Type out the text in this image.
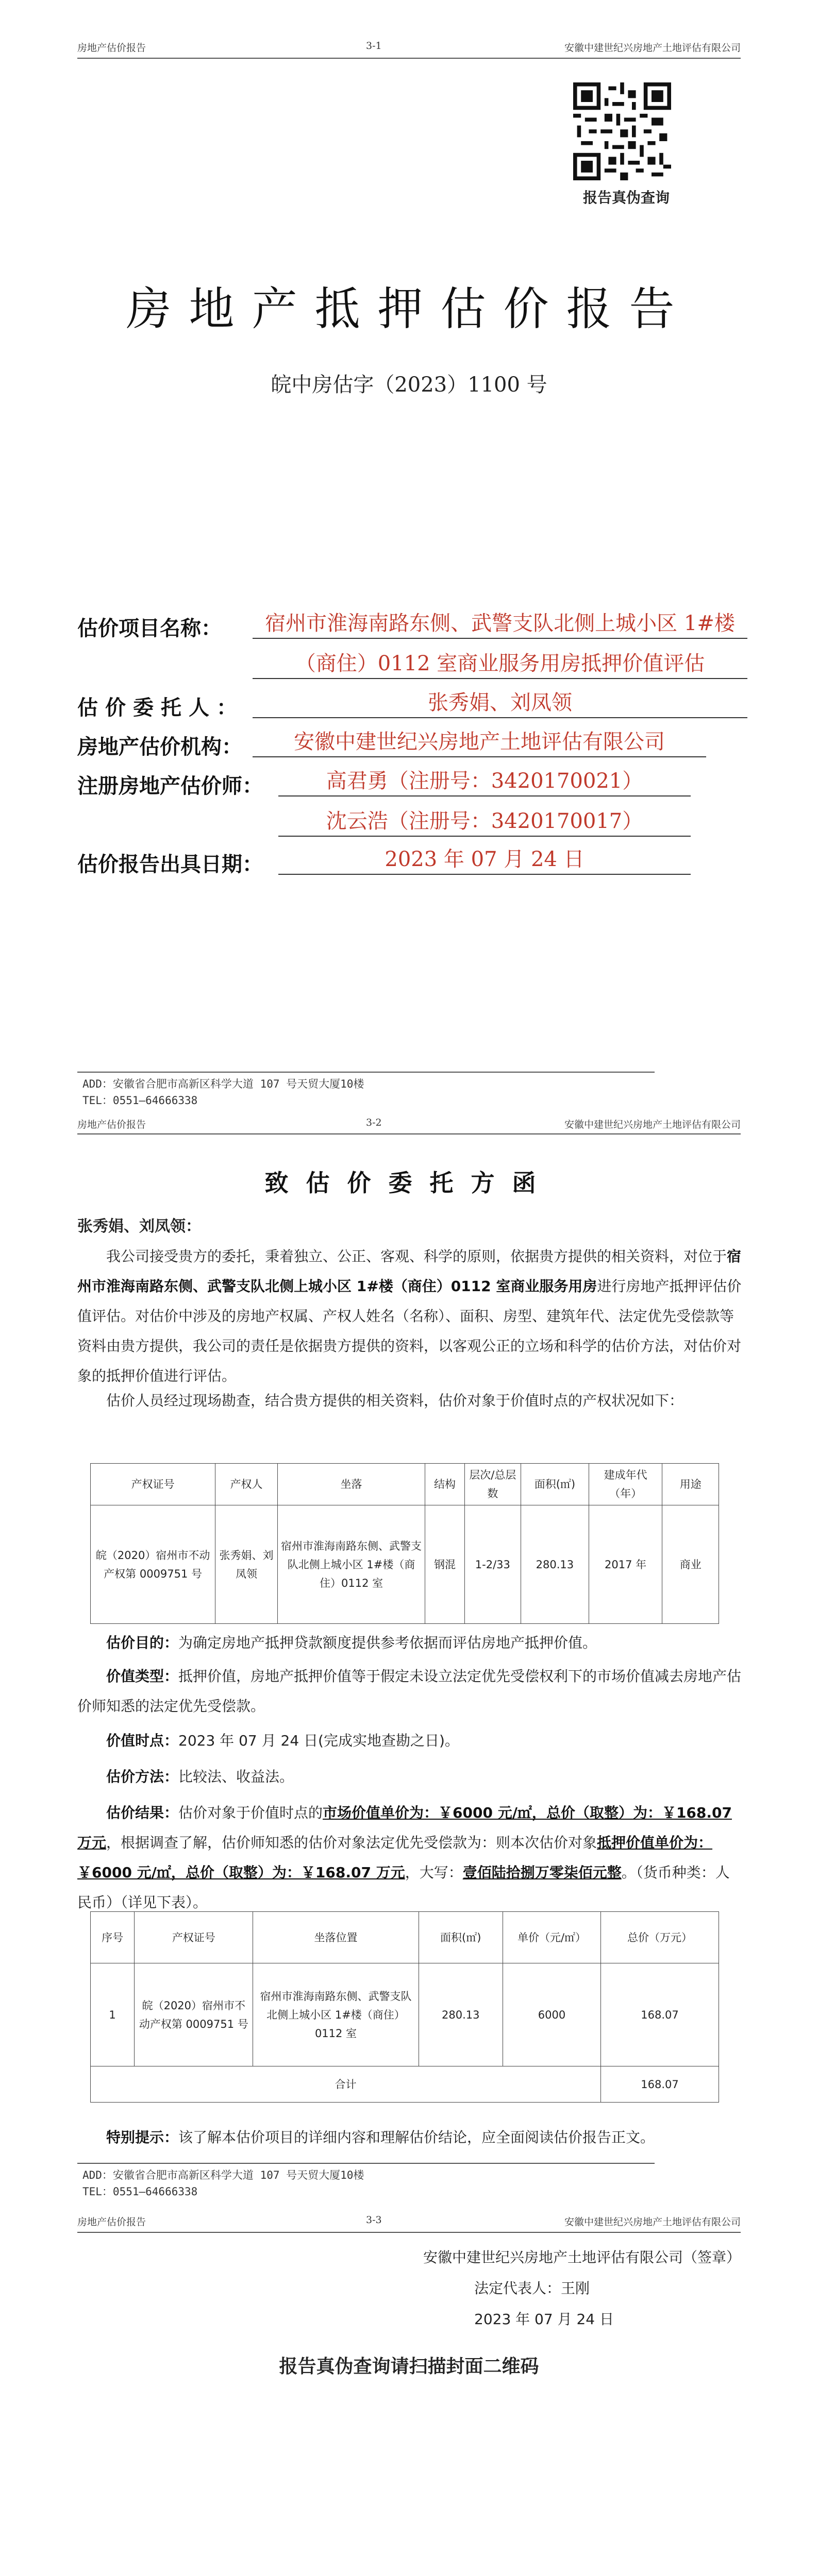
房地产估价报告	3-1	安徽中建世纪兴房地产土地评估有限公司
报告真伪查询
房地产抵押估价报告
皖中房估字（2023）1100 号
估价项目名称：	宿州市淮海南路东侧、武警支队北侧上城小区 1#楼
（商住）0112 室商业服务用房抵押价值评估
估价委托人：	张秀娟、刘凤领
房地产估价机构：	安徽中建世纪兴房地产土地评估有限公司
注册房地产估价师：	高君勇（注册号：3420170021）
沈云浩（注册号：3420170017）
估价报告出具日期：	2023 年 07 月 24 日
ADD：安徽省合肥市高新区科学大道 107 号天贸大厦10楼
TEL：0551—64666338
房地产估价报告	3-2	安徽中建世纪兴房地产土地评估有限公司
致估价委托方函
张秀娟、刘凤领：
我公司接受贵方的委托，秉着独立、公正、客观、科学的原则，依据贵方提供的相关资料，对位于宿州市淮海南路东侧、武警支队北侧上城小区 1#楼（商住）0112 室商业服务用房进行房地产抵押评估价值评估。对估价中涉及的房地产权属、产权人姓名（名称）、面积、房型、建筑年代、法定优先受偿款等资料由贵方提供，我公司的责任是依据贵方提供的资料，以客观公正的立场和科学的估价方法，对估价对象的抵押价值进行评估。
估价人员经过现场勘查，结合贵方提供的相关资料，估价对象于价值时点的产权状况如下：
产权证号	产权人	坐落	结构	层次/总层数	面积(㎡)	建成年代（年）	用途
皖（2020）宿州市不动产权第 0009751 号	张秀娟、刘凤领	宿州市淮海南路东侧、武警支队北侧上城小区 1#楼（商住）0112 室	钢混	1-2/33	280.13	2017 年	商业
估价目的：为确定房地产抵押贷款额度提供参考依据而评估房地产抵押价值。
价值类型：抵押价值，房地产抵押价值等于假定未设立法定优先受偿权利下的市场价值减去房地产估价师知悉的法定优先受偿款。
价值时点：2023 年 07 月 24 日(完成实地查勘之日)。
估价方法：比较法、收益法。
估价结果：估价对象于价值时点的市场价值单价为：￥6000 元/㎡，总价（取整）为：￥168.07 万元，根据调查了解，估价师知悉的估价对象法定优先受偿款为：则本次估价对象抵押价值单价为：￥6000 元/㎡，总价（取整）为：￥168.07 万元，大写：壹佰陆拾捌万零柒佰元整。（货币种类：人民币）（详见下表）。
序号	产权证号	坐落位置	面积(㎡)	单价（元/㎡）	总价（万元）
1	皖（2020）宿州市不动产权第 0009751 号	宿州市淮海南路东侧、武警支队北侧上城小区 1#楼（商住）0112 室	280.13	6000	168.07
合计					168.07
特别提示：该了解本估价项目的详细内容和理解估价结论，应全面阅读估价报告正文。
ADD：安徽省合肥市高新区科学大道 107 号天贸大厦10楼
TEL：0551—64666338
房地产估价报告	3-3	安徽中建世纪兴房地产土地评估有限公司
安徽中建世纪兴房地产土地评估有限公司（签章）
法定代表人：王刚
2023 年 07 月 24 日
报告真伪查询请扫描封面二维码
